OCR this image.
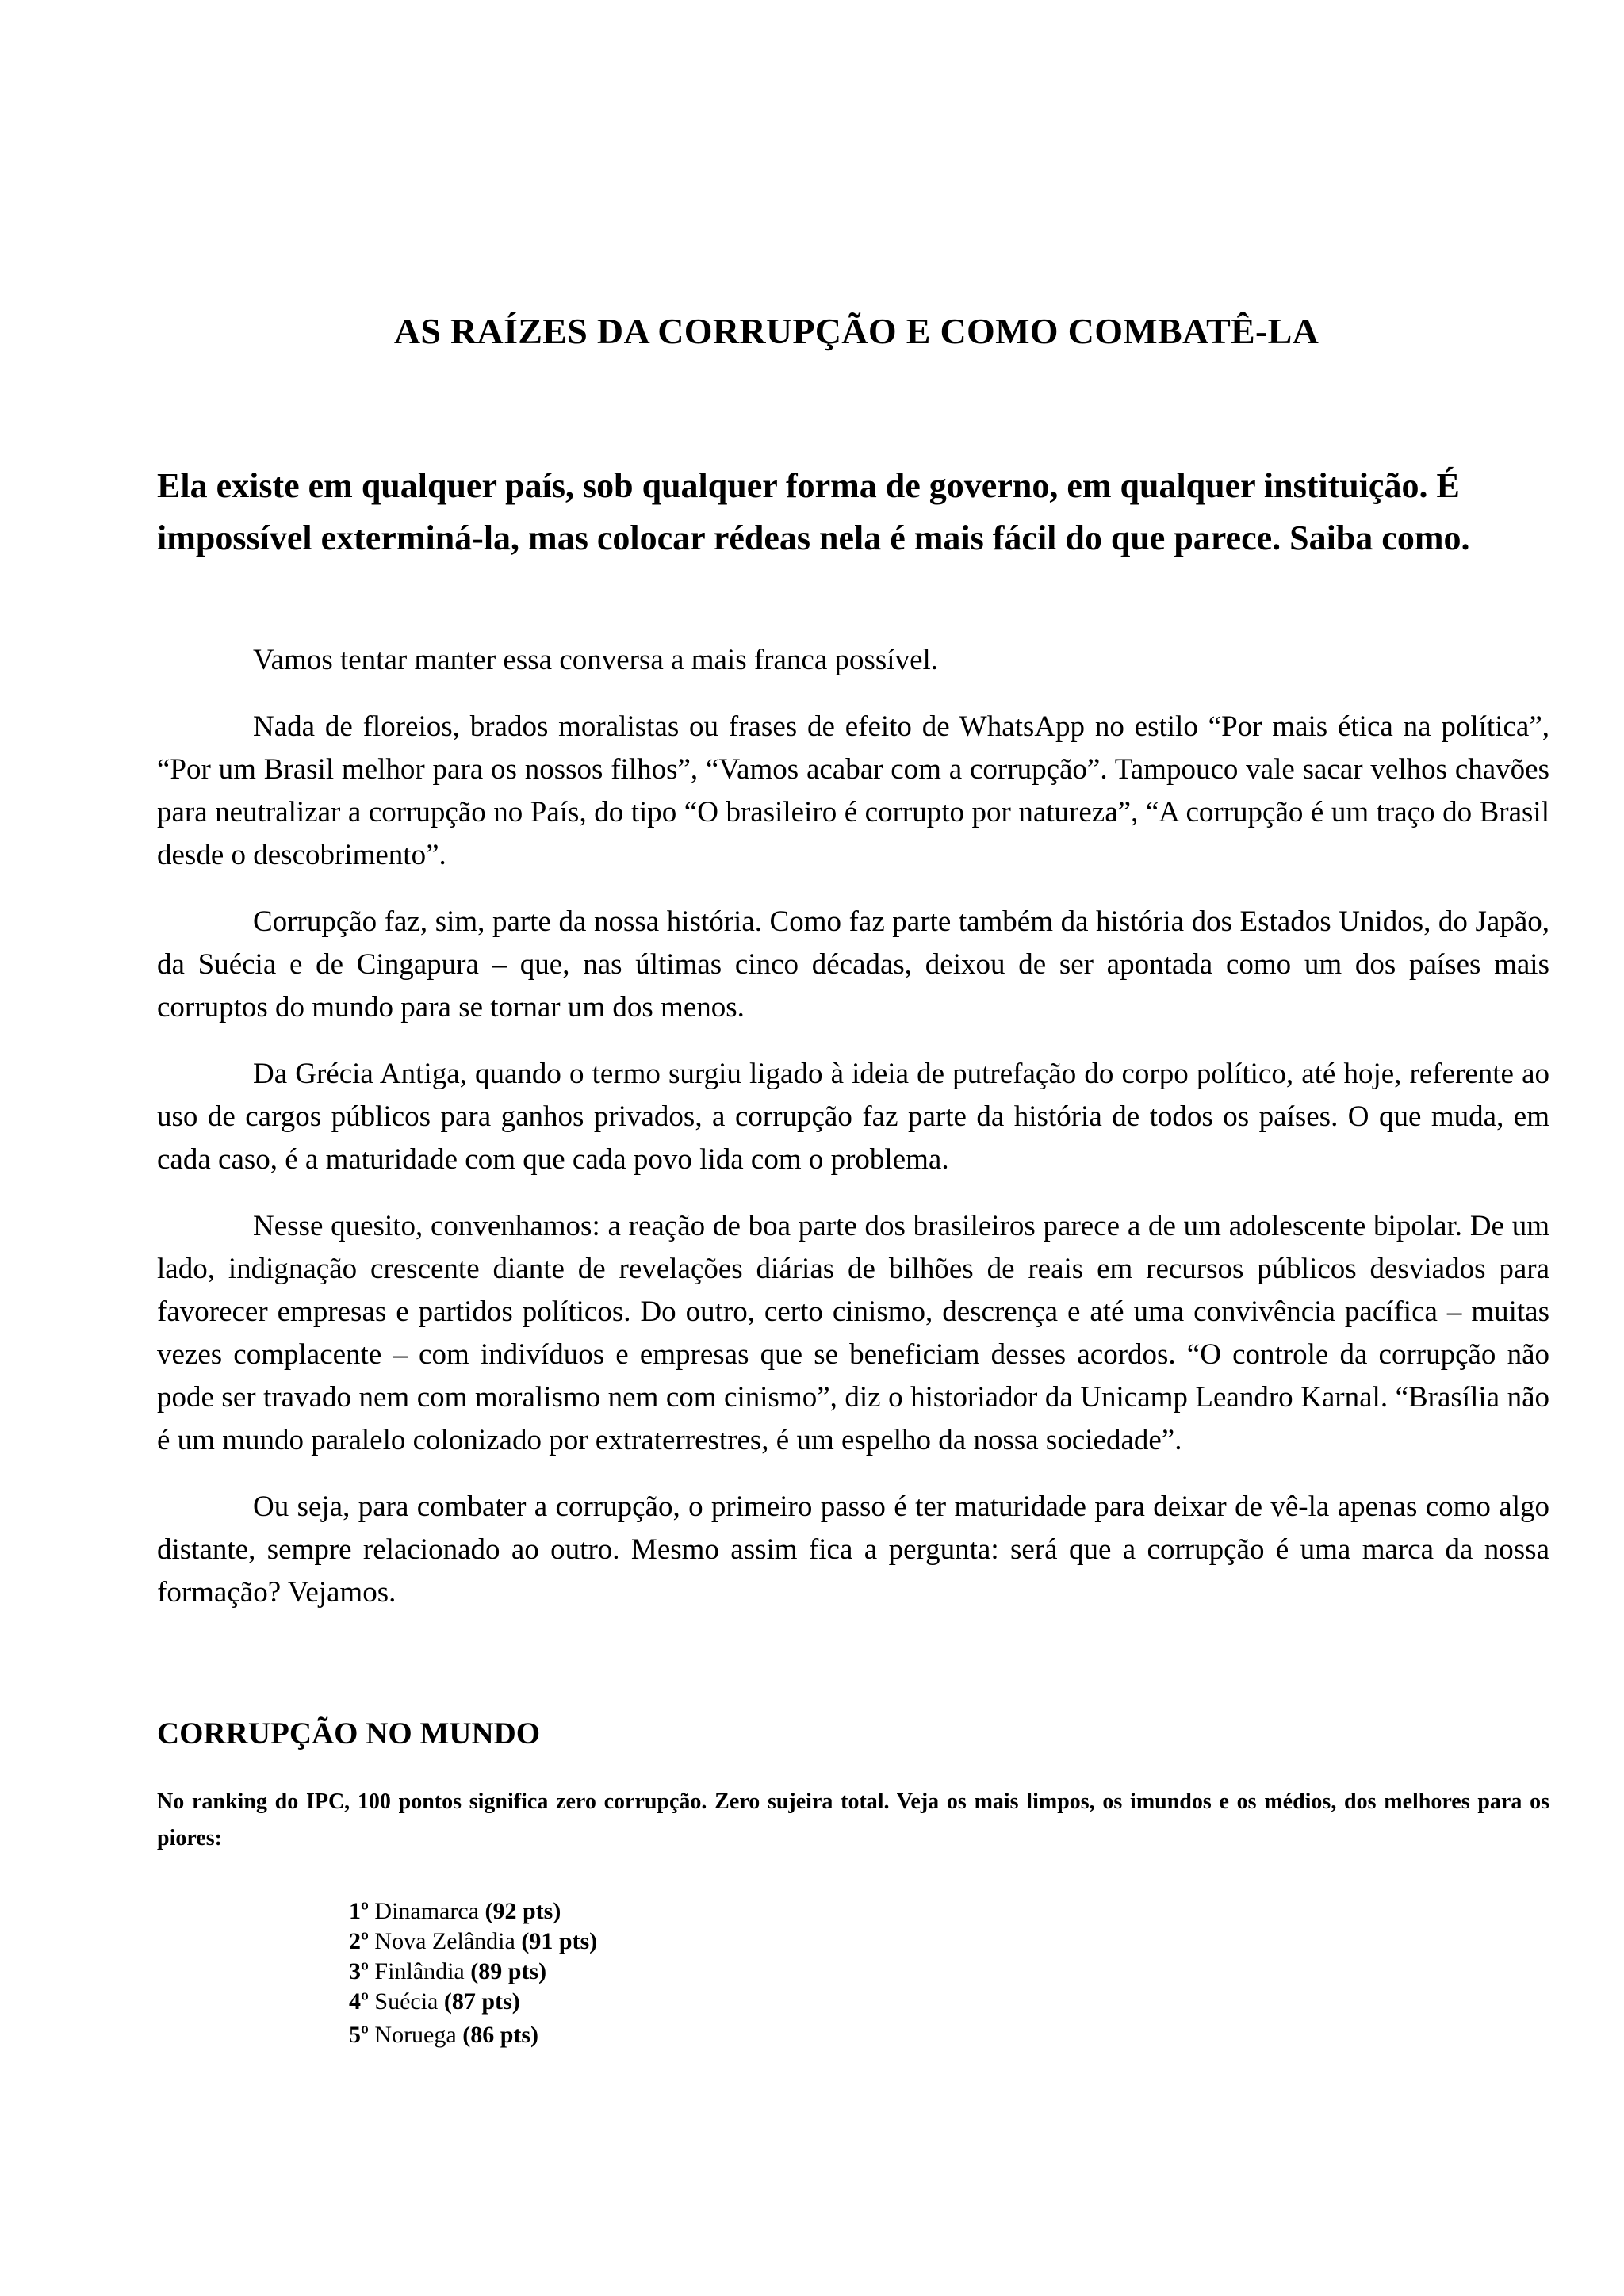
AS RAÍZES DA CORRUPÇÃO E COMO COMBATÊ-LA
Ela existe em qualquer país, sob qualquer forma de governo, em qualquer instituição. É impossível exterminá-la, mas colocar rédeas nela é mais fácil do que parece. Saiba como.

Vamos tentar manter essa conversa a mais franca possível.

Nada de floreios, brados moralistas ou frases de efeito de WhatsApp no estilo “Por mais ética na política”, “Por um Brasil melhor para os nossos filhos”, “Vamos acabar com a corrupção”. Tampouco vale sacar velhos chavões para neutralizar a corrupção no País, do tipo “O brasileiro é corrupto por natureza”, “A corrupção é um traço do Brasil desde o descobrimento”.

Corrupção faz, sim, parte da nossa história. Como faz parte também da história dos Estados Unidos, do Japão, da Suécia e de Cingapura – que, nas últimas cinco décadas, deixou de ser apontada como um dos países mais corruptos do mundo para se tornar um dos menos.

Da Grécia Antiga, quando o termo surgiu ligado à ideia de putrefação do corpo político, até hoje, referente ao uso de cargos públicos para ganhos privados, a corrupção faz parte da história de todos os países. O que muda, em cada caso, é a maturidade com que cada povo lida com o problema.

Nesse quesito, convenhamos: a reação de boa parte dos brasileiros parece a de um adolescente bipolar. De um lado, indignação crescente diante de revelações diárias de bilhões de reais em recursos públicos desviados para favorecer empresas e partidos políticos. Do outro, certo cinismo, descrença e até uma convivência pacífica – muitas vezes complacente – com indivíduos e empresas que se beneficiam desses acordos. “O controle da corrupção não pode ser travado nem com moralismo nem com cinismo”, diz o historiador da Unicamp Leandro Karnal. “Brasília não é um mundo paralelo colonizado por extraterrestres, é um espelho da nossa sociedade”.

Ou seja, para combater a corrupção, o primeiro passo é ter maturidade para deixar de vê-la apenas como algo distante, sempre relacionado ao outro. Mesmo assim fica a pergunta: será que a corrupção é uma marca da nossa formação? Vejamos.

CORRUPÇÃO NO MUNDO
No ranking do IPC, 100 pontos significa zero corrupção. Zero sujeira total. Veja os mais limpos, os imundos e os médios, dos melhores para os piores:
1º Dinamarca (92 pts)
2º Nova Zelândia (91 pts)
3º Finlândia (89 pts)
4º Suécia (87 pts)
5º Noruega (86 pts)
